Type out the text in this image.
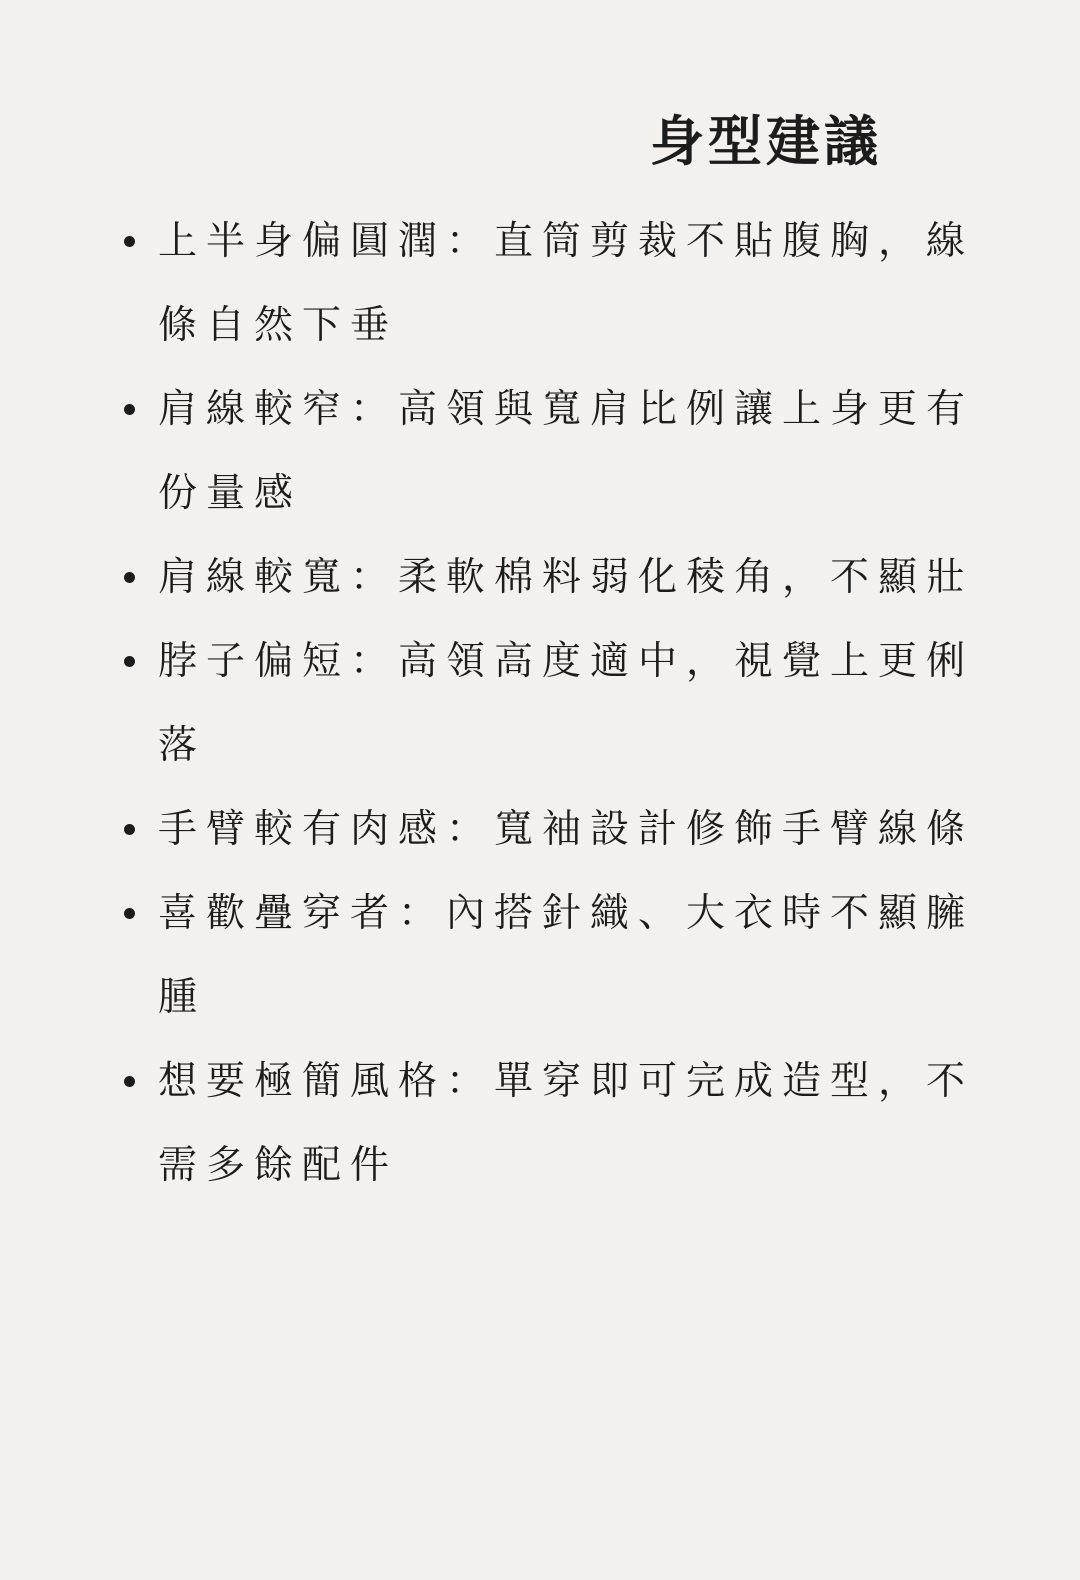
身型建議
上半身偏圓潤：直筒剪裁不貼腹胸，線條自然下垂
肩線較窄：高領與寬肩比例讓上身更有份量感
肩線較寬：柔軟棉料弱化稜角，不顯壯
脖子偏短：高領高度適中，視覺上更俐落
手臂較有肉感：寬袖設計修飾手臂線條
喜歡疊穿者：內搭針織、大衣時不顯臃腫
想要極簡風格：單穿即可完成造型，不需多餘配件
